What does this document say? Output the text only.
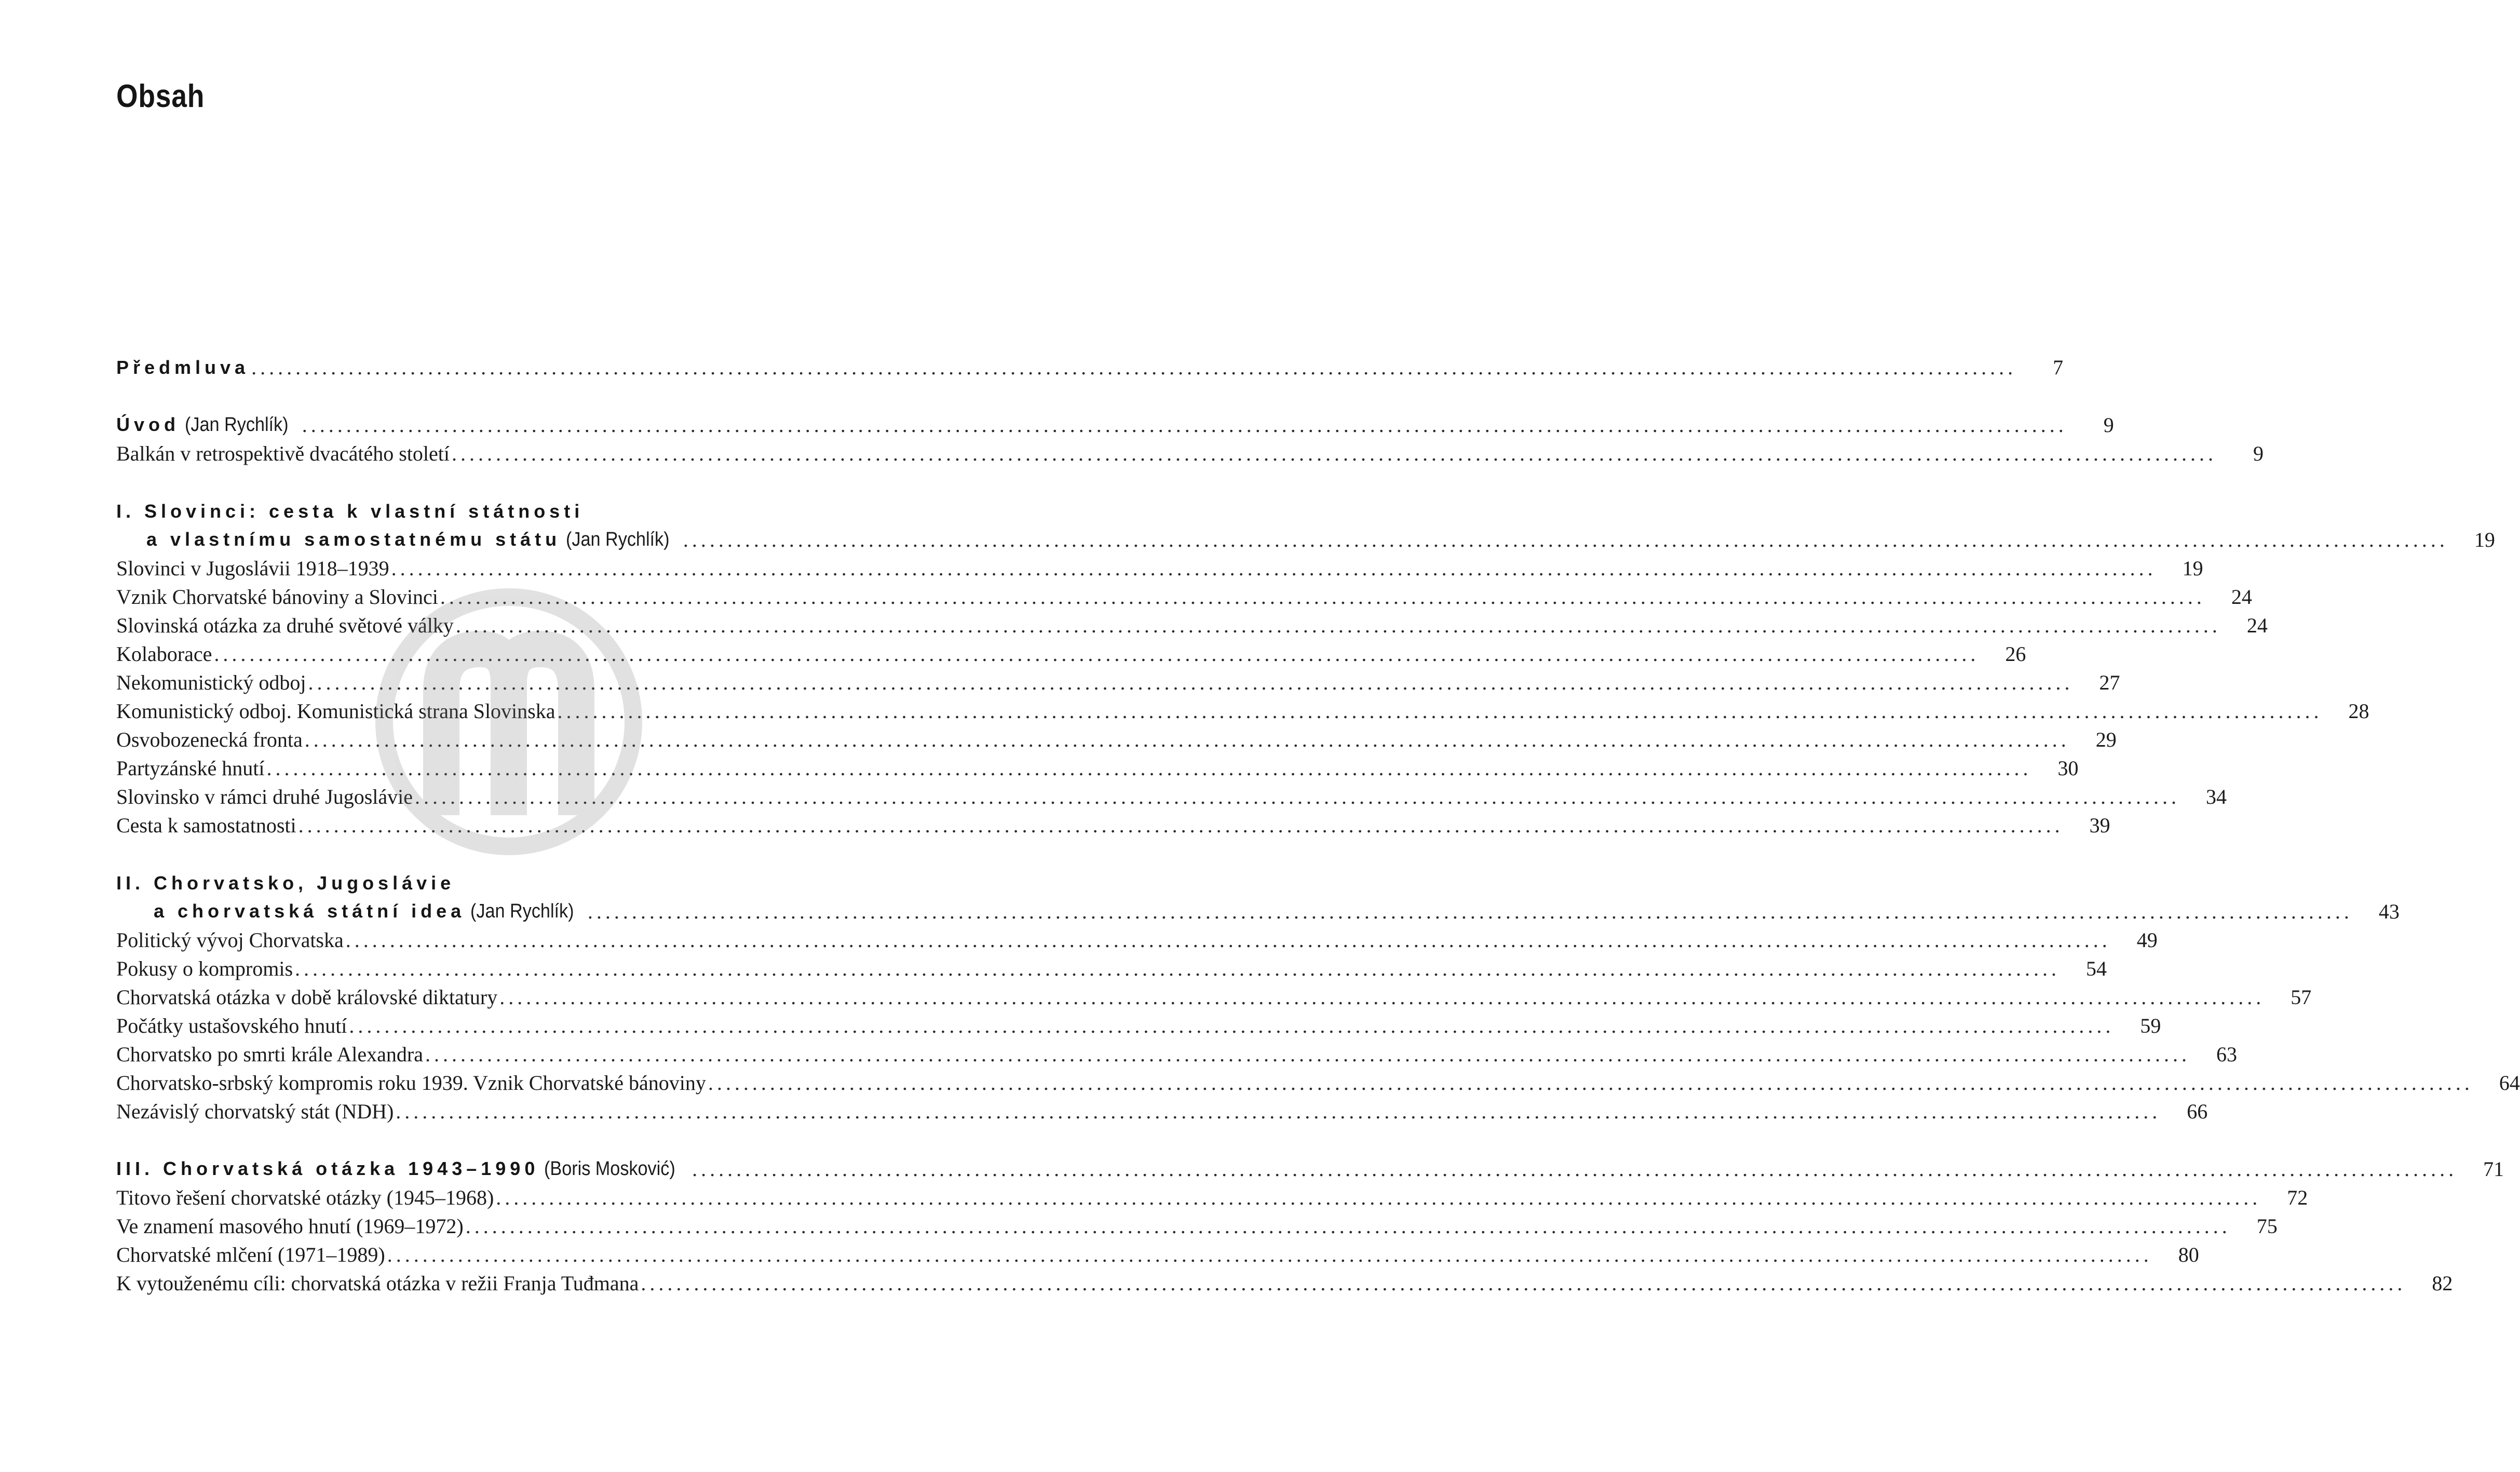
Obsah
Předmluva ........................................................................................................................................................................................................	7
Úvod (Jan Rychlík) ........................................................................................................................................................................................................	9
Balkán v retrospektivě dvacátého století ........................................................................................................................................................................................................	9
I. Slovinci: cesta k vlastní státnosti
a vlastnímu samostatnému státu (Jan Rychlík) ........................................................................................................................................................................................................	19
Slovinci v Jugoslávii 1918–1939 ........................................................................................................................................................................................................	19
Vznik Chorvatské bánoviny a Slovinci ........................................................................................................................................................................................................	24
Slovinská otázka za druhé světové války ........................................................................................................................................................................................................	24
Kolaborace ........................................................................................................................................................................................................	26
Nekomunistický odboj ........................................................................................................................................................................................................	27
Komunistický odboj. Komunistická strana Slovinska ........................................................................................................................................................................................................	28
Osvobozenecká fronta ........................................................................................................................................................................................................	29
Partyzánské hnutí ........................................................................................................................................................................................................	30
Slovinsko v rámci druhé Jugoslávie ........................................................................................................................................................................................................	34
Cesta k samostatnosti ........................................................................................................................................................................................................	39
II. Chorvatsko, Jugoslávie
a chorvatská státní idea (Jan Rychlík) ........................................................................................................................................................................................................	43
Politický vývoj Chorvatska ........................................................................................................................................................................................................	49
Pokusy o kompromis ........................................................................................................................................................................................................	54
Chorvatská otázka v době královské diktatury ........................................................................................................................................................................................................	57
Počátky ustašovského hnutí ........................................................................................................................................................................................................	59
Chorvatsko po smrti krále Alexandra ........................................................................................................................................................................................................	63
Chorvatsko-srbský kompromis roku 1939. Vznik Chorvatské bánoviny ........................................................................................................................................................................................................	64
Nezávislý chorvatský stát (NDH) ........................................................................................................................................................................................................	66
III. Chorvatská otázka 1943–1990 (Boris Mosković) ........................................................................................................................................................................................................	71
Titovo řešení chorvatské otázky (1945–1968) ........................................................................................................................................................................................................	72
Ve znamení masového hnutí (1969–1972) ........................................................................................................................................................................................................	75
Chorvatské mlčení (1971–1989) ........................................................................................................................................................................................................	80
K vytouženému cíli: chorvatská otázka v režii Franja Tuđmana ........................................................................................................................................................................................................	82
